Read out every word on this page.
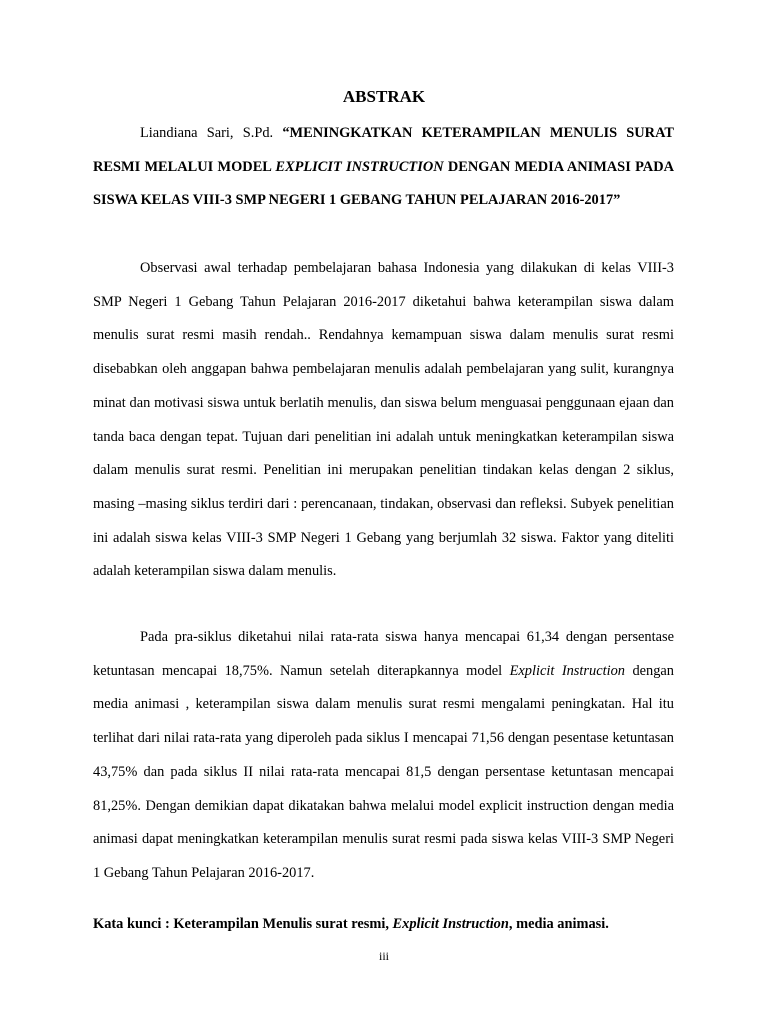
ABSTRAK

Liandiana Sari, S.Pd. “MENINGKATKAN KETERAMPILAN MENULIS SURAT RESMI MELALUI MODEL EXPLICIT INSTRUCTION DENGAN MEDIA ANIMASI PADA SISWA KELAS VIII-3 SMP NEGERI 1 GEBANG TAHUN PELAJARAN 2016-2017”

Observasi awal terhadap pembelajaran bahasa Indonesia yang dilakukan di kelas VIII-3 SMP Negeri 1 Gebang Tahun Pelajaran 2016-2017 diketahui bahwa keterampilan siswa dalam menulis surat resmi masih rendah.. Rendahnya kemampuan siswa dalam menulis surat resmi disebabkan oleh anggapan bahwa pembelajaran menulis adalah pembelajaran yang sulit, kurangnya minat dan motivasi siswa untuk berlatih menulis, dan siswa belum menguasai penggunaan ejaan dan tanda baca dengan tepat. Tujuan dari penelitian ini adalah untuk meningkatkan keterampilan siswa dalam menulis surat resmi. Penelitian ini merupakan penelitian tindakan kelas dengan 2 siklus, masing –masing siklus terdiri dari : perencanaan, tindakan, observasi dan refleksi. Subyek penelitian ini adalah siswa kelas VIII-3 SMP Negeri 1 Gebang yang berjumlah 32 siswa. Faktor yang diteliti adalah keterampilan siswa dalam menulis.

Pada pra-siklus diketahui nilai rata-rata siswa hanya mencapai 61,34 dengan persentase ketuntasan mencapai 18,75%. Namun setelah diterapkannya model Explicit Instruction dengan media animasi , keterampilan siswa dalam menulis surat resmi mengalami peningkatan. Hal itu terlihat dari nilai rata-rata yang diperoleh pada siklus I mencapai 71,56 dengan pesentase ketuntasan 43,75% dan pada siklus II nilai rata-rata mencapai 81,5 dengan persentase ketuntasan mencapai 81,25%. Dengan demikian dapat dikatakan bahwa melalui model explicit instruction dengan media animasi dapat meningkatkan keterampilan menulis surat resmi pada siswa kelas VIII-3 SMP Negeri 1 Gebang Tahun Pelajaran 2016-2017.

Kata kunci : Keterampilan Menulis surat resmi, Explicit Instruction, media animasi.
iii
